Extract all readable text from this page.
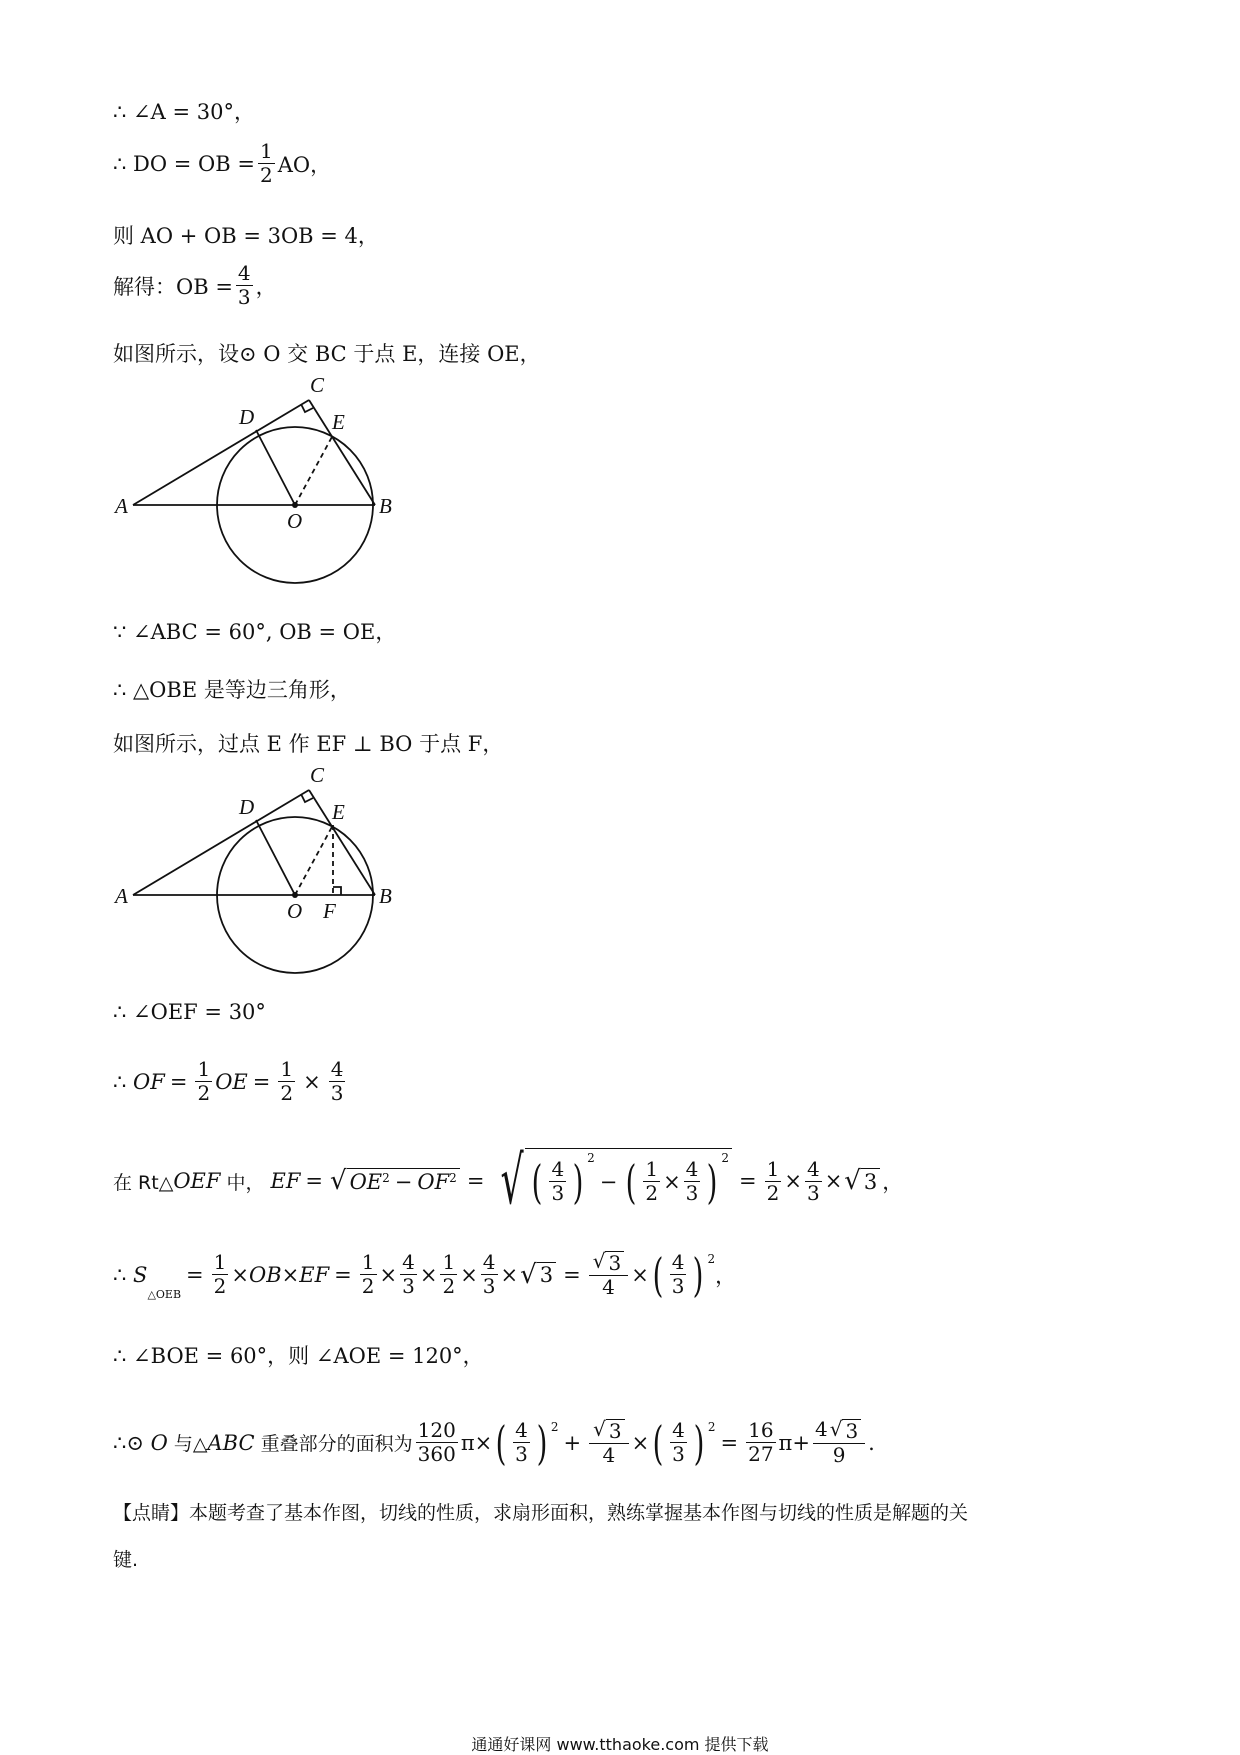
∴ ∠A = 30°，
∴ DO = OB = $\frac{1}{2}$ AO，
则 AO + OB = 3OB = 4，
解得：OB = $\frac{4}{3}$ ，
如图所示，设⊙ O 交 BC 于点 E，连接 OE，
A	B
C
D	E
O
∵ ∠ABC = 60°, OB = OE，
∴ △OBE 是等边三角形，
如图所示，过点 E 作 EF ⊥ BO 于点 F，
A	B
C
D	E
O F
∴ ∠OEF = 30°
∴ OF = $\frac{1}{2}$ OE = $\frac{1}{2} \times \frac{4}{3}$
在 Rt△ OEF 中， EF = √ OE 2 − OF 2 = √ ( $\frac{4}{3}$ ) 2
− ( $\frac{1}{2} \times \frac{4}{3}$ ) 2
= $\frac{1}{2} \times \frac{4}{3}$ × √ 3 ，
∴ S
△OEB
= $\frac{1}{2}$ × OB × EF = $\frac{1}{2} \times \frac{4}{3} \times \frac{1}{2} \times \frac{4}{3}$ × √ $3 = \frac{√ 3}{4}$ × ( $\frac{4}{3}$ ) 2
，
∴ ∠BOE = 60°，则 ∠AOE = 120°，
∴⊙ O 与△ ABC 重叠部分的面积为 $\frac{120}{360} \pi\times$ ( $\frac{4}{3}$ ) 2
+ $\frac{√ 3}{4}$ × ( $\frac{4}{3}$ ) 2
= $\frac{16}{27} \pi+ \frac{4 √ 3}{9}$ .
【点睛】本题考查了基本作图，切线的性质，求扇形面积，熟练掌握基本作图与切线的性质是解题的关
键.
通通好课网 www.tthaoke.com 提供下载
